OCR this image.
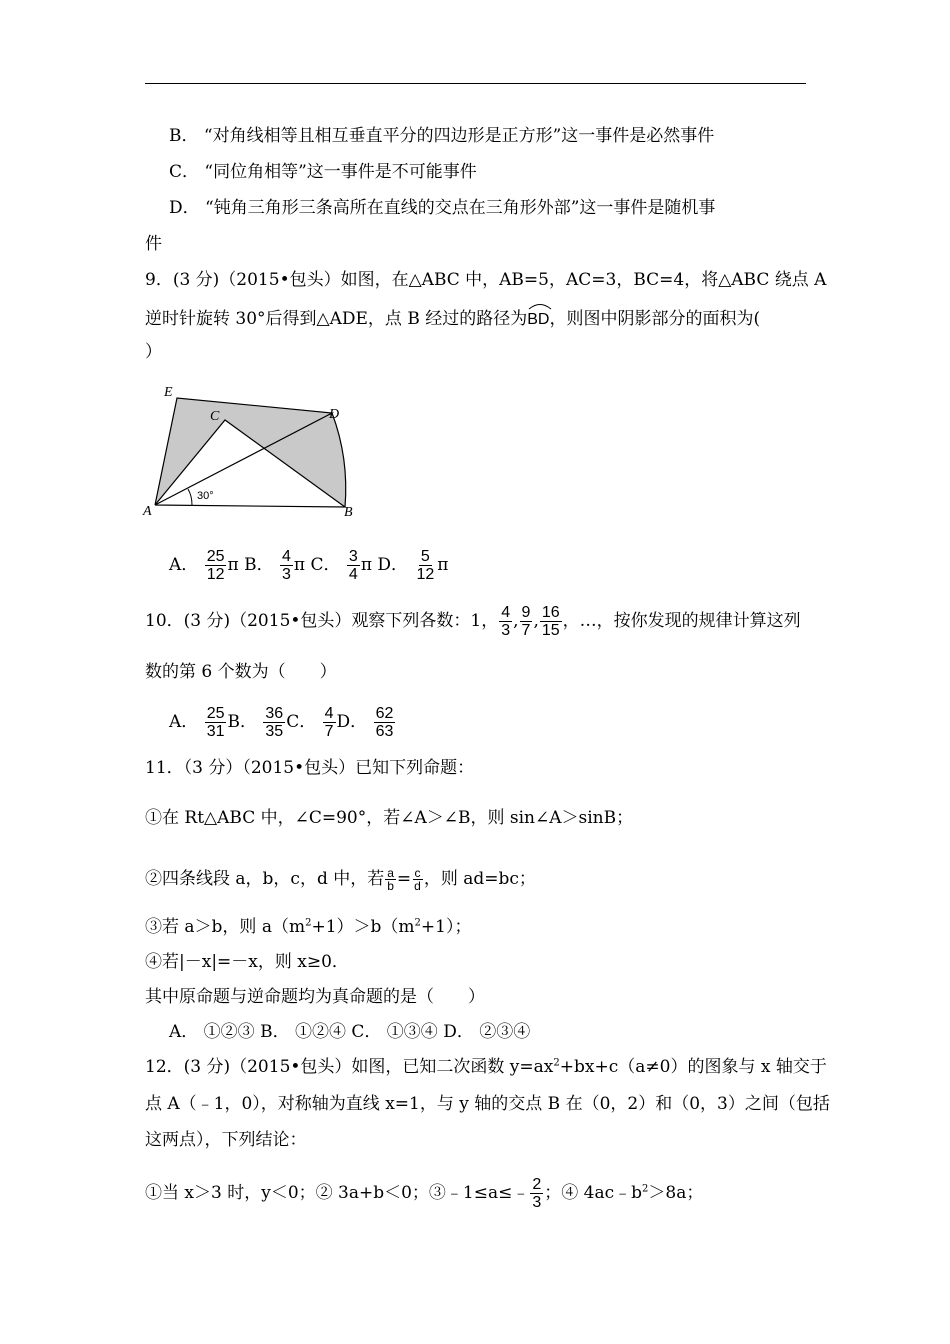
B． “对角线相等且相互垂直平分的四边形是正方形”这一事件是必然事件
C． “同位角相等”这一事件是不可能事件
D． “钝角三角形三条高所在直线的交点在三角形外部”这一事件是随机事
件
9．(3 分)（2015•包头）如图，在△ABC 中，AB=5，AC=3，BC=4，将△ABC 绕点 A
逆时针旋转 30°后得到△ADE，点 B 经过的路径为
BD，则图中阴影部分的面积为(
）
E
C	D
A	B
30°
A． $\frac{25}{12}$ π B． $\frac{4}{3}$ π C． $\frac{3}{4}$ π D． $\frac{5}{12}$ π
10．(3 分)（2015•包头）观察下列各数：1， $\frac{4}{3}$ , $\frac{9}{7}$ , $\frac{16}{15}$ ，…，按你发现的规律计算这列
数的第 6 个数为（　　）
A． $\frac{25}{31}$ B． $\frac{36}{35}$ C． $\frac{4}{7}$ D． $\frac{62}{63}$
11．（3 分）（2015•包头）已知下列命题：
①在 Rt△ABC 中，∠C=90°，若∠A＞∠B，则 sin∠A＞sinB；
②四条线段 a，b，c，d 中，若 $\frac{a}{b} = \frac{c}{d}$ ，则 ad=bc；
③若 a＞b，则 $a(m^2+1)>b(m^2+1)$；
④若|－x|=－x，则 x≥0．
其中原命题与逆命题均为真命题的是（　　）
A． ①②③ B． ①②④ C． ①③④ D． ②③④
12．(3 分)（2015•包头）如图，已知二次函数 $y=ax^2+bx+c(a\ne 0)$的图象与 x 轴交于
点 A（﹣1，0），对称轴为直线 x=1，与 y 轴的交点 B 在（0，2）和（0，3）之间（包括
这两点），下列结论：
①当 x＞3 时，y＜0；② 3a+b＜0；③﹣1≤a≤﹣ $\frac{2}{3}$ ；④ $4ac﹣b^2>8a$；
